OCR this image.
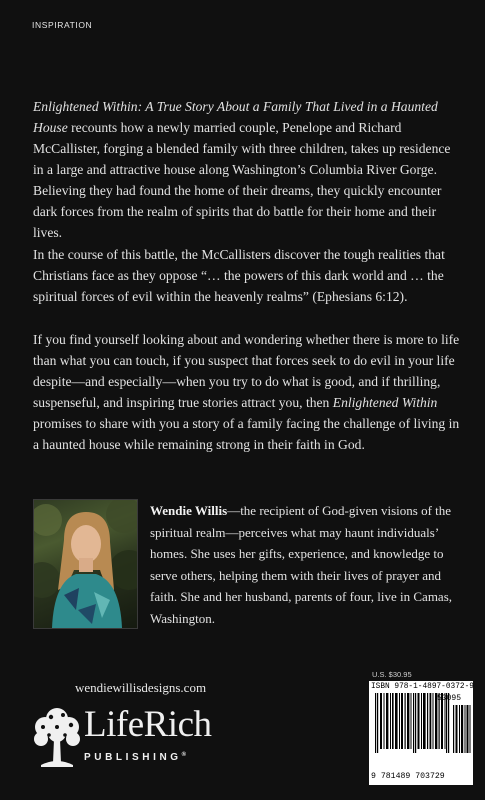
INSPIRATION

Enlightened Within: A True Story About a Family That Lived in a Haunted House recounts how a newly married couple, Penelope and Richard McCallister, forging a blended family with three children, takes up residence in a large and attractive house along Washington’s Columbia River Gorge. Believing they had found the home of their dreams, they quickly encounter dark forces from the realm of spirits that do battle for their home and their lives.

In the course of this battle, the McCallisters discover the tough realities that Christians face as they oppose “… the powers of this dark world and … the spiritual forces of evil within the heavenly realms” (Ephesians 6:12).

If you find yourself looking about and wondering whether there is more to life than what you can touch, if you suspect that forces seek to do evil in your life despite—and especially—when you try to do what is good, and if thrilling, suspenseful, and inspiring true stories attract you, then Enlightened Within promises to share with you a story of a family facing the challenge of living in a haunted house while remaining strong in their faith in God.

Wendie Willis—the recipient of God-given visions of the spiritual realm—perceives what may haunt individuals’ homes. She uses her gifts, experience, and knowledge to serve others, helping them with their lives of prayer and faith. She and her husband, parents of four, live in Camas, Washington.

wendiewillisdesigns.com
LifeRich
PUBLISHING®
U.S. $30.95
ISBN 978-1-4897-0372-9
53095
9 781489 703729
